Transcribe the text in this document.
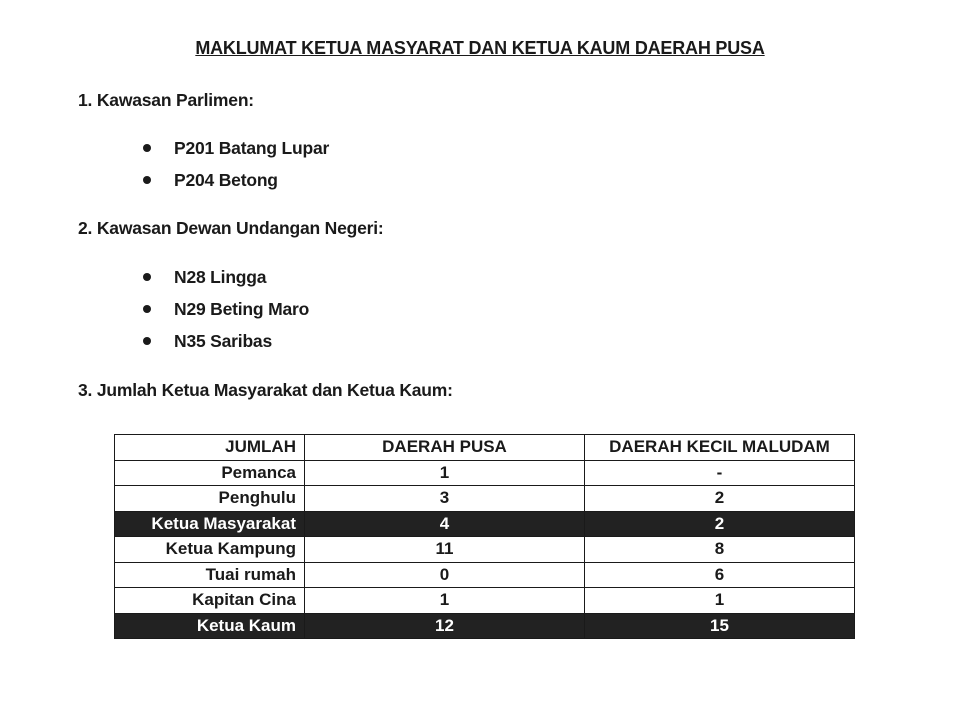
MAKLUMAT KETUA MASYARAT DAN KETUA KAUM DAERAH PUSA
1. Kawasan Parlimen:
P201 Batang Lupar
P204 Betong
2. Kawasan Dewan Undangan Negeri:
N28 Lingga
N29 Beting Maro
N35 Saribas
3. Jumlah Ketua Masyarakat dan Ketua Kaum:
JUMLAH	DAERAH PUSA	DAERAH KECIL MALUDAM
Pemanca	1	-
Penghulu	3	2
Ketua Masyarakat	4	2
Ketua Kampung	11	8
Tuai rumah	0	6
Kapitan Cina	1	1
Ketua Kaum	12	15
